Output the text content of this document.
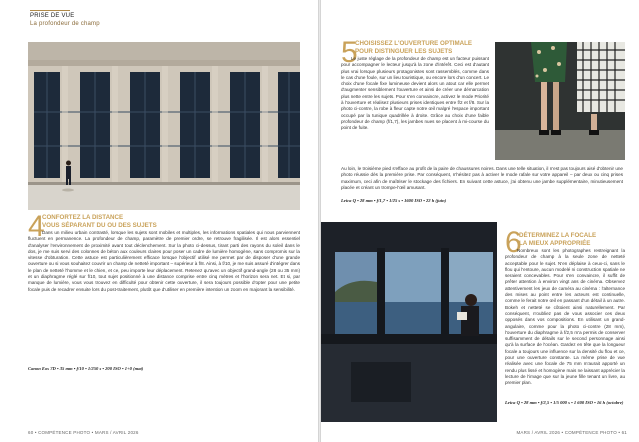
PRISE DE VUE
La profondeur de champ
4
CONFORTEZ LA DISTANCE
VOUS SÉPARANT DU OU DES SUJETS
Dans un milieu urbain contrasté, lorsque les sujets sont mobiles et multiples, les informations spatiales qui nous parviennent fluctuent en permanence. La profondeur de champ, paramètre de premier ordre, se retrouve fragilisée. Il est alors essentiel d'analyser l'environnement de proximité avant tout déclenchement. Sur la photo ci-dessus, tirant parti des rayons du soleil dans le dos, je me suis servi des colonnes de béton aux couleurs claires pour poser un cadre de lumière homogène, sans compromis sur la vitesse d'obturation. Cette astuce est particulièrement efficace lorsque l'objectif utilisé me permet par de disposer d'une grande ouverture ou si vous souhaitez couvrir un champ de netteté important – supérieur à f/8. Ainsi, à f/10, je me suis assuré d'intégrer dans le plan de netteté l'homme et le chien, et ce, peu importe leur déplacement. Retenez qu'avec un objectif grand-angle (28 ou 35 mm) et un diaphragme réglé sur f/10, tout sujet positionné à une distance comprise entre cinq mètres et l'horizon sera net. Et si, par manque de lumière, vous vous trouvez en difficulté pour obtenir cette ouverture, il sera toujours possible d'opter pour une petite focale puis de recadrer ensuite lors du post-traitement, plutôt que d'utiliser en première intention un zoom en majorant la sensibilité.
Canon Eos 7D • 35 mm • f/10 • 1/250 s • 200 ISO • 1+0 (mat)
60 • COMPÉTENCE PHOTO • MARS / AVRIL 2026
5
CHOISISSEZ L'OUVERTURE OPTIMALE
POUR DISTINGUER LES SUJETS
Le juste réglage de la profondeur de champ est un facteur puissant pour accompagner le lecteur jusqu'à la zone d'intérêt. Ceci est d'autant plus vrai lorsque plusieurs protagonistes sont rassemblés, comme dans le cas d'une foule, sur un lieu touristique, ou encore lors d'un concert. Le choix d'une focale fixe lumineuse devient alors un atout car elle permet d'augmenter sensiblement l'ouverture et ainsi de créer une démarcation plus nette entre les sujets. Pour s'en convaincre, activez le mode Priorité à l'ouverture et réalisez plusieurs prises identiques entre f/2 et f/8. Sur la photo ci-contre, la robe à fleur capte notre œil malgré l'espace important occupé par la tunique quadrillée à droite. Grâce au choix d'une faible profondeur de champ (f/1,7), les jambes nues se placent à mi-course du point de fuite.
Au loin, le troisième pied s'efface au profit de la paire de chaussures noires. Dans une telle situation, il n'est pas toujours aisé d'obtenir une photo réussie dès la première prise. Par conséquent, n'hésitez pas à activer le mode rafale sur votre appareil – par deux ou cinq prises maximum, ceci afin de maîtriser le stockage des fichiers. En suivant cette astuce, j'ai obtenu une jambe supplémentaire, minutieusement placée et créant un trompe-l'œil amusant.
Leica Q • 28 mm • f/1,7 • 1/25 s • 1600 ISO • 22 h (juin)
6
DÉTERMINEZ LA FOCALE
LA MIEUX APPROPRIÉE
Nombreux sont les photographes restreignant la profondeur de champ à la seule zone de netteté acceptable pour le sujet. N'en déplaise à ceux-ci, sans le flou qui l'entoure, aucun modelé ni construction spatiale ne seraient concevables. Pour s'en convaincre, il suffit de prêter attention à environ vingt ans de cinéma. Observez attentivement les jeux de caméra au cinéma : l'alternance des mises au point entre les acteurs est continuelle, comme le ferait notre œil en passant d'un détail à un autre. Bokeh et netteté se côtoient ainsi naturellement. Par conséquent, n'oubliez pas de vous associer ces deux opposés dans vos compositions. En utilisant un grand-angulaire, comme pour la photo ci-contre (28 mm), l'ouverture du diaphragme à f/2,5 m'a permis de conserver suffisamment de détails sur le second personnage ainsi qu'à la surface de l'océan. Gardez en tête que la longueur focale a toujours une influence sur la densité du flou et ce, pour une ouverture constante. La même prise de vue réalisée avec une focale de 75 mm m'aurait apporté un rendu plus lissé et homogène mais ne laissant apprécier la lecture de l'image que sur la jeune fille tenant un livre, au premier plan.
Leica Q • 28 mm • f/2,5 • 1/5 000 s • 1 600 ISO • 16 h (octobre)
MARS / AVRIL 2026 • COMPÉTENCE PHOTO • 61
